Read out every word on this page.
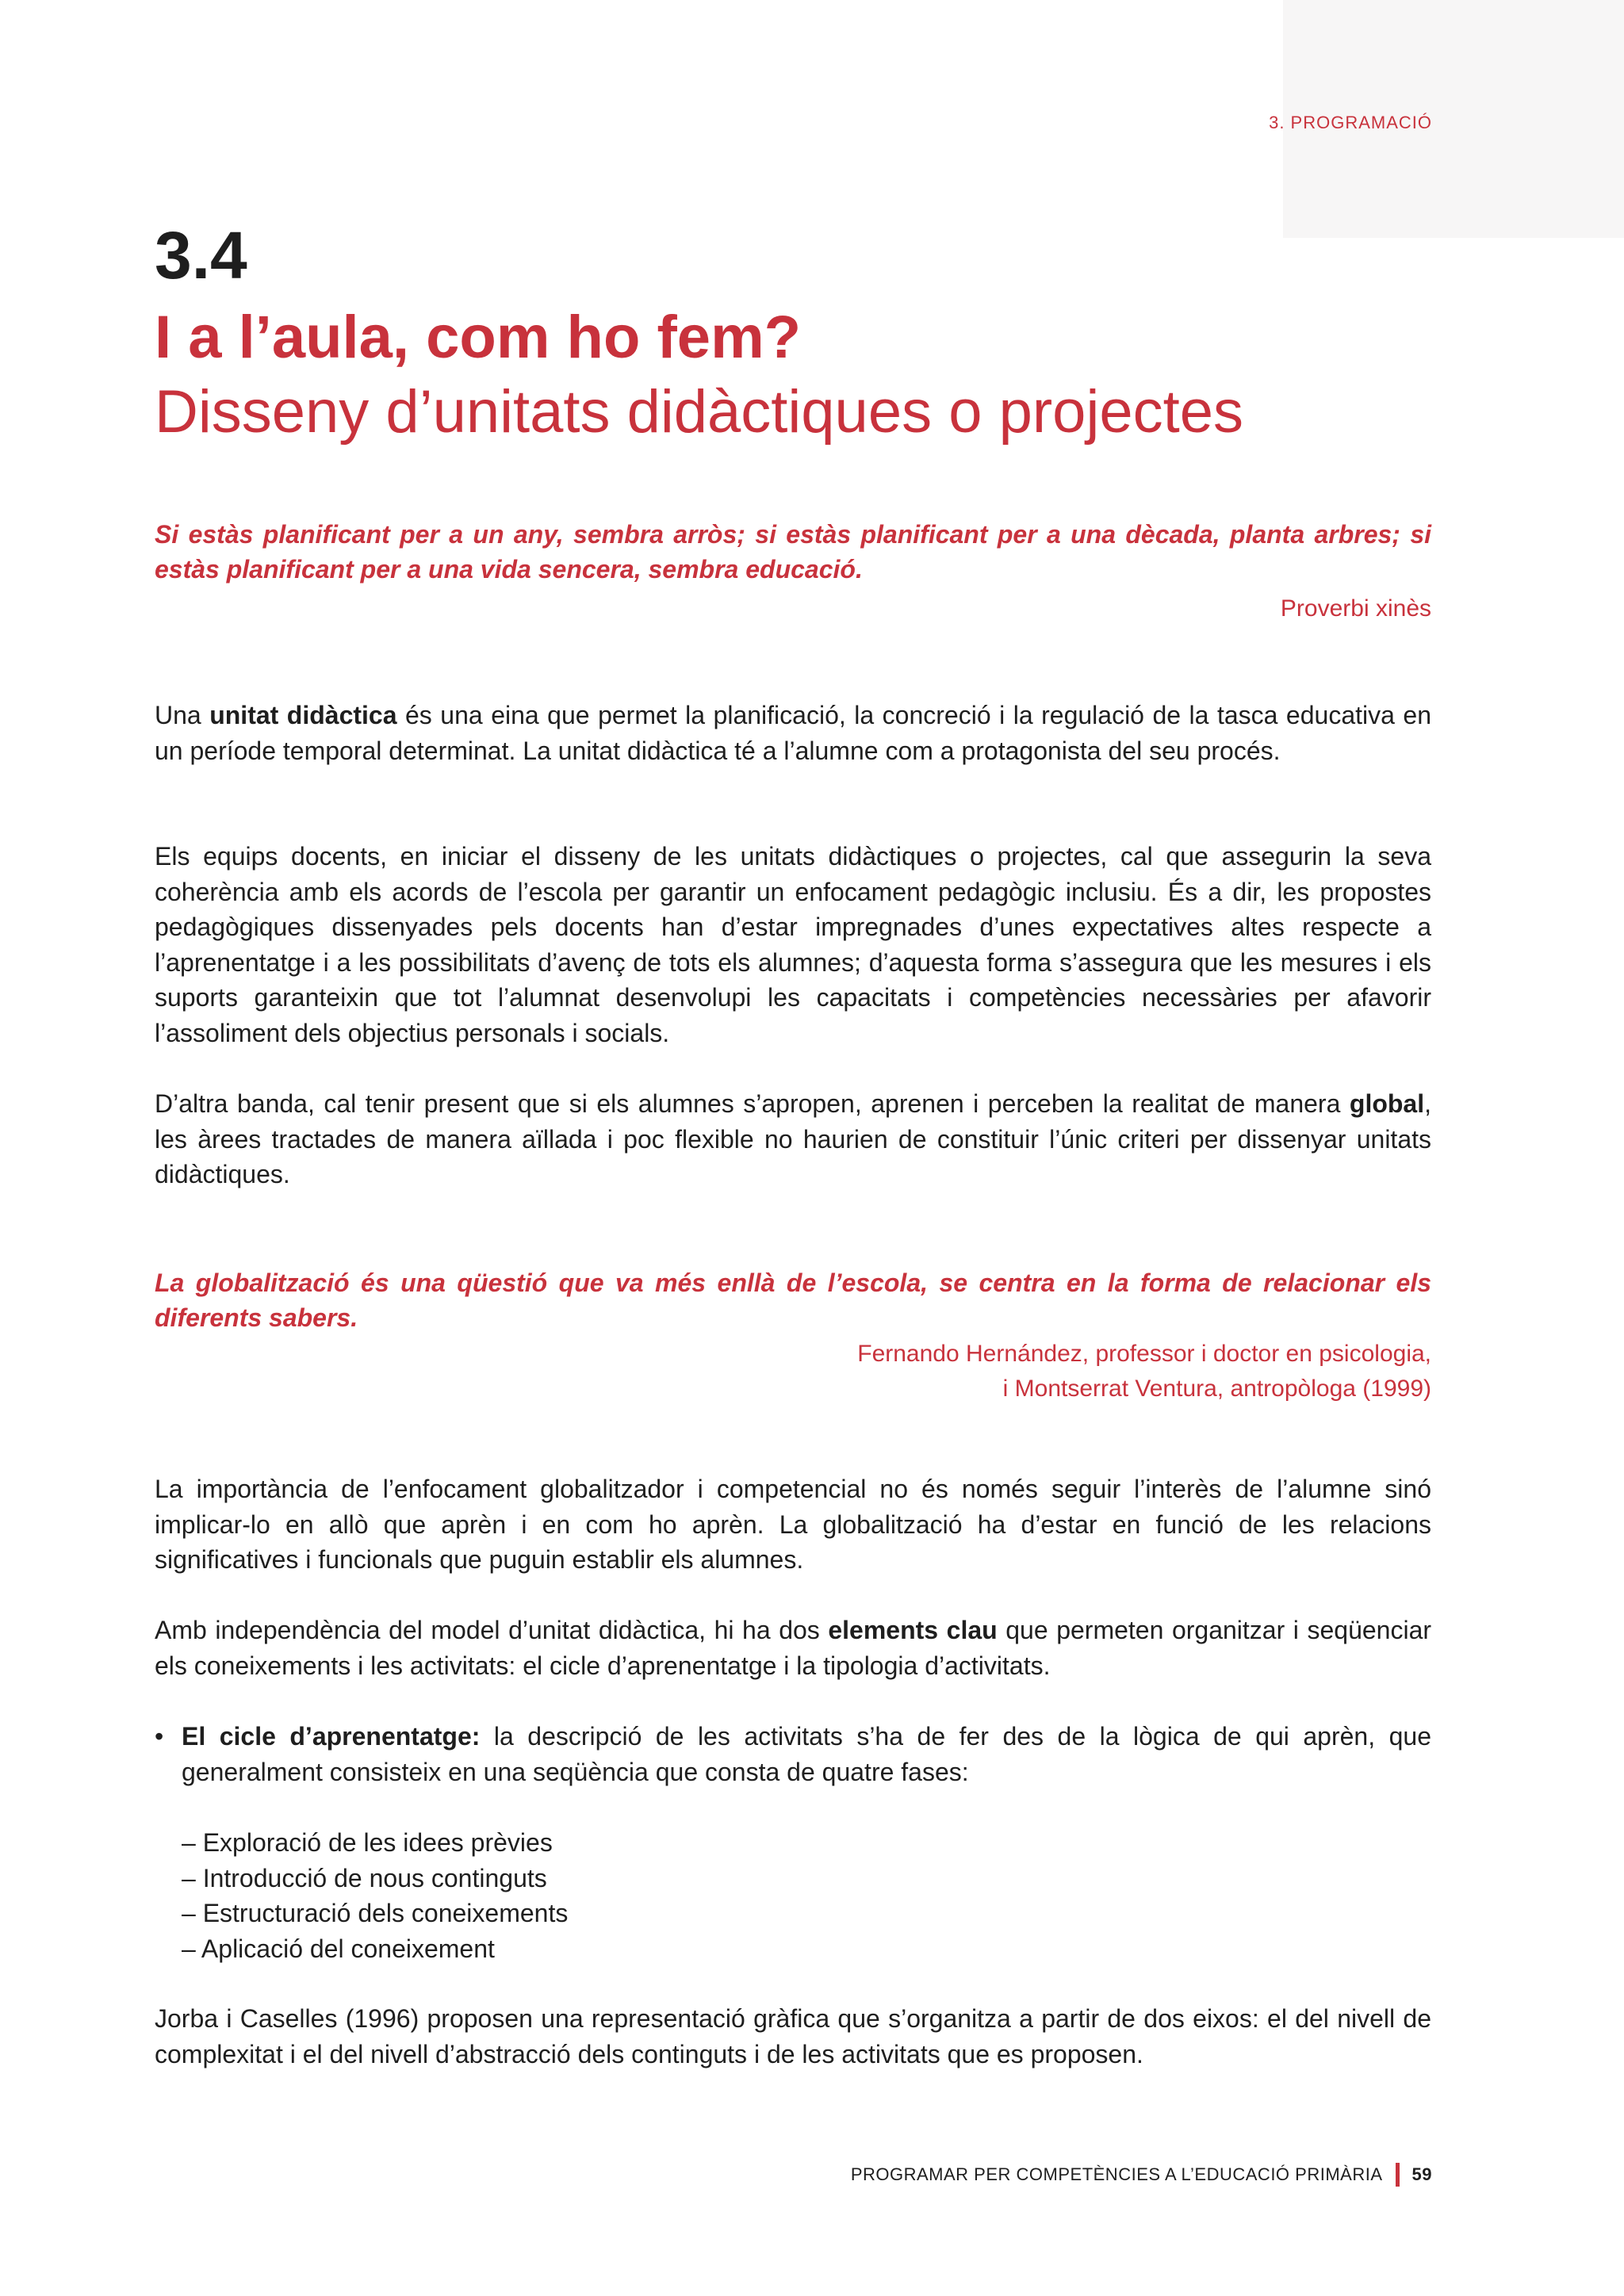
3. PROGRAMACIÓ
3.4
I a l’aula, com ho fem?
Disseny d’unitats didàctiques o projectes
Si estàs planificant per a un any, sembra arròs; si estàs planificant per a una dècada, planta arbres; si estàs planificant per a una vida sencera, sembra educació.
Proverbi xinès
Una unitat didàctica és una eina que permet la planificació, la concreció i la regulació de la tasca educativa en un període temporal determinat. La unitat didàctica té a l’alumne com a protagonista del seu procés.
Els equips docents, en iniciar el disseny de les unitats didàctiques o projectes, cal que assegurin la seva coherència amb els acords de l’escola per garantir un enfocament pedagògic inclusiu. És a dir, les propostes pedagògiques dissenyades pels docents han d’estar impregnades d’unes expectatives altes respecte a l’aprenentatge i a les possibilitats d’avenç de tots els alumnes; d’aquesta forma s’assegura que les mesures i els suports garanteixin que tot l’alumnat desenvolupi les capacitats i competències necessàries per afavorir l’assoliment dels objectius personals i socials.
D’altra banda, cal tenir present que si els alumnes s’apropen, aprenen i perceben la realitat de manera global, les àrees tractades de manera aïllada i poc flexible no haurien de constituir l’únic criteri per dissenyar unitats didàctiques.
La globalització és una qüestió que va més enllà de l’escola, se centra en la forma de relacionar els diferents sabers.
Fernando Hernández, professor i doctor en psicologia,
i Montserrat Ventura, antropòloga (1999)
La importància de l’enfocament globalitzador i competencial no és només seguir l’interès de l’alumne sinó implicar-lo en allò que aprèn i en com ho aprèn. La globalització ha d’estar en funció de les relacions significatives i funcionals que puguin establir els alumnes.
Amb independència del model d’unitat didàctica, hi ha dos elements clau que permeten organitzar i seqüenciar els coneixements i les activitats: el cicle d’aprenentatge i la tipologia d’activitats.
• El cicle d’aprenentatge: la descripció de les activitats s’ha de fer des de la lògica de qui aprèn, que generalment consisteix en una seqüència que consta de quatre fases:
– Exploració de les idees prèvies
– Introducció de nous continguts
– Estructuració dels coneixements
– Aplicació del coneixement
Jorba i Caselles (1996) proposen una representació gràfica que s’organitza a partir de dos eixos: el del nivell de complexitat i el del nivell d’abstracció dels continguts i de les activitats que es proposen.
PROGRAMAR PER COMPETÈNCIES A L’EDUCACIÓ PRIMÀRIA 59
